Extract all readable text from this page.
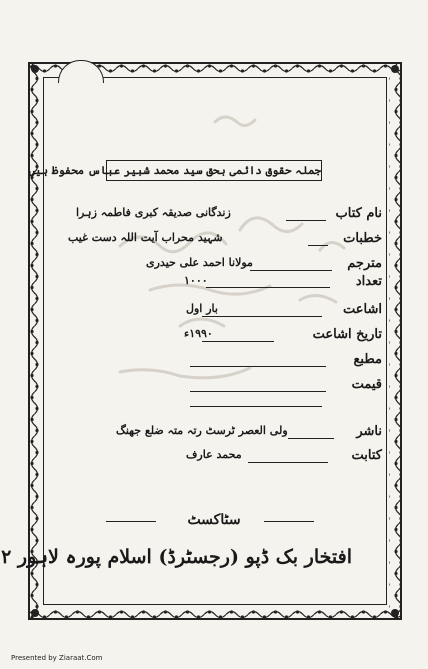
جملہ حقوق دائمی بحق سید محمد شبیر عباس محفوظ ہیں
نام کتاب
زندگانی صدیقہ کبری فاطمہ زہرا
خطبات
شہید محراب آیت اللہ دست غیب
مترجم
مولانا احمد علی حیدری
تعداد
۱۰۰۰
اشاعت
بار اول
تاریخ اشاعت
۱۹۹۰ء
مطبع
قیمت
ناشر
ولی العصر ٹرسٹ رتہ متہ ضلع جھنگ
کتابت
محمد عارف
سٹاکسٹ
افتخار بک ڈپو (رجسٹرڈ) اسلام پورہ لاہور ۲
Presented by Ziaraat.Com
